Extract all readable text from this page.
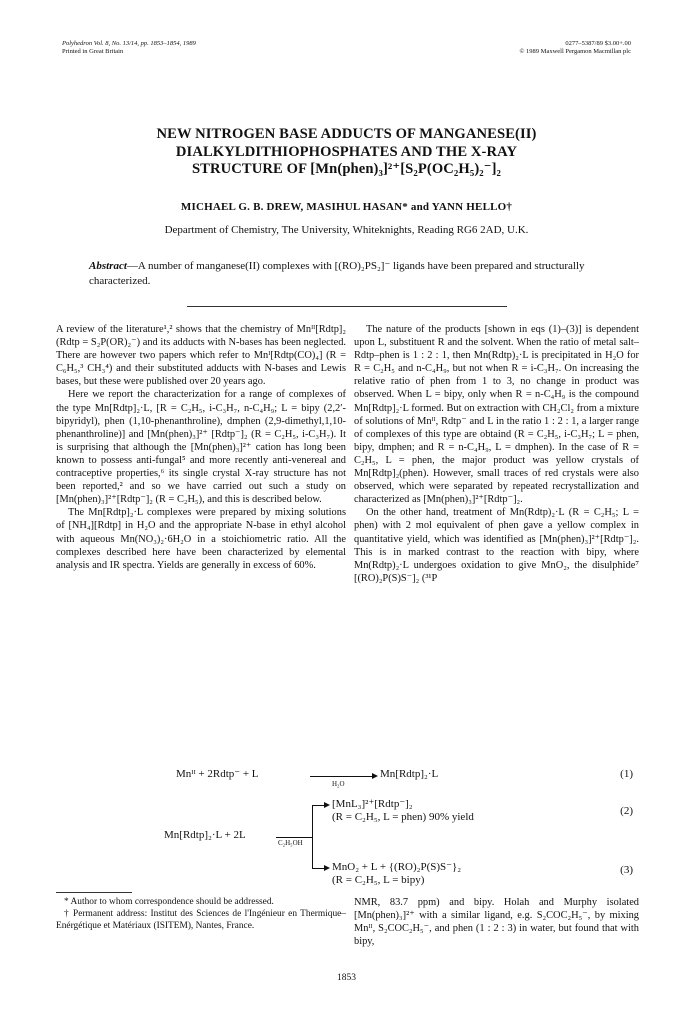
Polyhedron Vol. 8, No. 13/14, pp. 1853–1854, 1989
Printed in Great Britain
0277–5387/89 $3.00+.00
© 1989 Maxwell Pergamon Macmillan plc
NEW NITROGEN BASE ADDUCTS OF MANGANESE(II)
DIALKYLDITHIOPHOSPHATES AND THE X-RAY
STRUCTURE OF [Mn(phen)₃]²⁺[S₂P(OC₂H₅)₂⁻]₂
MICHAEL G. B. DREW, MASIHUL HASAN* and YANN HELLO†
Department of Chemistry, The University, Whiteknights, Reading RG6 2AD, U.K.
Abstract—A number of manganese(II) complexes with [(RO)₂PS₂]⁻ ligands have been prepared and structurally characterized.

A review of the literature¹,² shows that the chemistry of Mnᴵᴵ[Rdtp]₂ (Rdtp = S₂P(OR)₂⁻) and its adducts with N-bases has been neglected. There are however two papers which refer to Mnᴵ[Rdtp(CO)₄] (R = C₆H₅,³ CH₃⁴) and their substituted adducts with N-bases and Lewis bases, but these were published over 20 years ago.

Here we report the characterization for a range of complexes of the type Mn[Rdtp]₂·L, [R = C₂H₅, i-C₃H₇, n-C₄H₉; L = bipy (2,2′-bipyridyl), phen (1,10-phenanthroline), dmphen (2,9-dimethyl,1,10-phenanthroline)] and [Mn(phen)₃]²⁺ [Rdtp⁻]₂ (R = C₂H₅, i-C₃H₇). It is surprising that although the [Mn(phen)₃]²⁺ cation has long been known to possess anti-fungal⁵ and more recently anti-venereal and contraceptive properties,⁶ its single crystal X-ray structure has not been reported,² and so we have carried out such a study on [Mn(phen)₃]²⁺[Rdtp⁻]₂ (R = C₂H₅), and this is described below.

The Mn[Rdtp]₂·L complexes were prepared by mixing solutions of [NH₄][Rdtp] in H₂O and the appropriate N-base in ethyl alcohol with aqueous Mn(NO₃)₂·6H₂O in a stoichiometric ratio. All the complexes described here have been characterized by elemental analysis and IR spectra. Yields are generally in excess of 60%.

The nature of the products [shown in eqs (1)–(3)] is dependent upon L, substituent R and the solvent. When the ratio of metal salt–Rdtp–phen is 1 : 2 : 1, then Mn(Rdtp)₂·L is precipitated in H₂O for R = C₂H₅ and n-C₄H₉, but not when R = i-C₃H₇. On increasing the relative ratio of phen from 1 to 3, no change in product was observed. When L = bipy, only when R = n-C₄H₉ is the compound Mn[Rdtp]₂·L formed. But on extraction with CH₂Cl₂ from a mixture of solutions of Mnᴵᴵ, Rdtp⁻ and L in the ratio 1 : 2 : 1, a larger range of complexes of this type are obtaind (R = C₂H₅, i-C₃H₇; L = phen, bipy, dmphen; and R = n-C₄H₉, L = dmphen). In the case of R = C₂H₅, L = phen, the major product was yellow crystals of Mn[Rdtp]₂(phen). However, small traces of red crystals were also observed, which were separated by repeated recrystallization and characterized as [Mn(phen)₃]²⁺[Rdtp⁻]₂.

On the other hand, treatment of Mn(Rdtp)₂·L (R = C₂H₅; L = phen) with 2 mol equivalent of phen gave a yellow complex in quantitative yield, which was identified as [Mn(phen)₃]²⁺[Rdtp⁻]₂. This is in marked contrast to the reaction with bipy, where Mn(Rdtp)₂·L undergoes oxidation to give MnO₂, the disulphide⁷ [(RO)₂P(S)S⁻]₂ (³¹P

Mnᴵᴵ + 2Rdtp⁻ + L
H₂O
Mn[Rdtp]₂·L	(1)
Mn[Rdtp]₂·L + 2L
C₂H₅OH
[MnL₃]²⁺[Rdtp⁻]₂
(R = C₂H₅, L = phen) 90% yield	(2)
MnO₂ + L + {(RO)₂P(S)S⁻}₂
(R = C₂H₅, L = bipy)
(3)

* Author to whom correspondence should be addressed.

† Permanent address: Institut des Sciences de l'Ingénieur en Thermique–Enérgétique et Matériaux (ISITEM), Nantes, France.

NMR, 83.7 ppm) and bipy. Holah and Murphy isolated [Mn(phen)₃]²⁺ with a similar ligand, e.g. S₂COC₂H₅⁻, by mixing Mnᴵᴵ, S₂COC₂H₅⁻, and phen (1 : 2 : 3) in water, but found that with bipy,
1853
